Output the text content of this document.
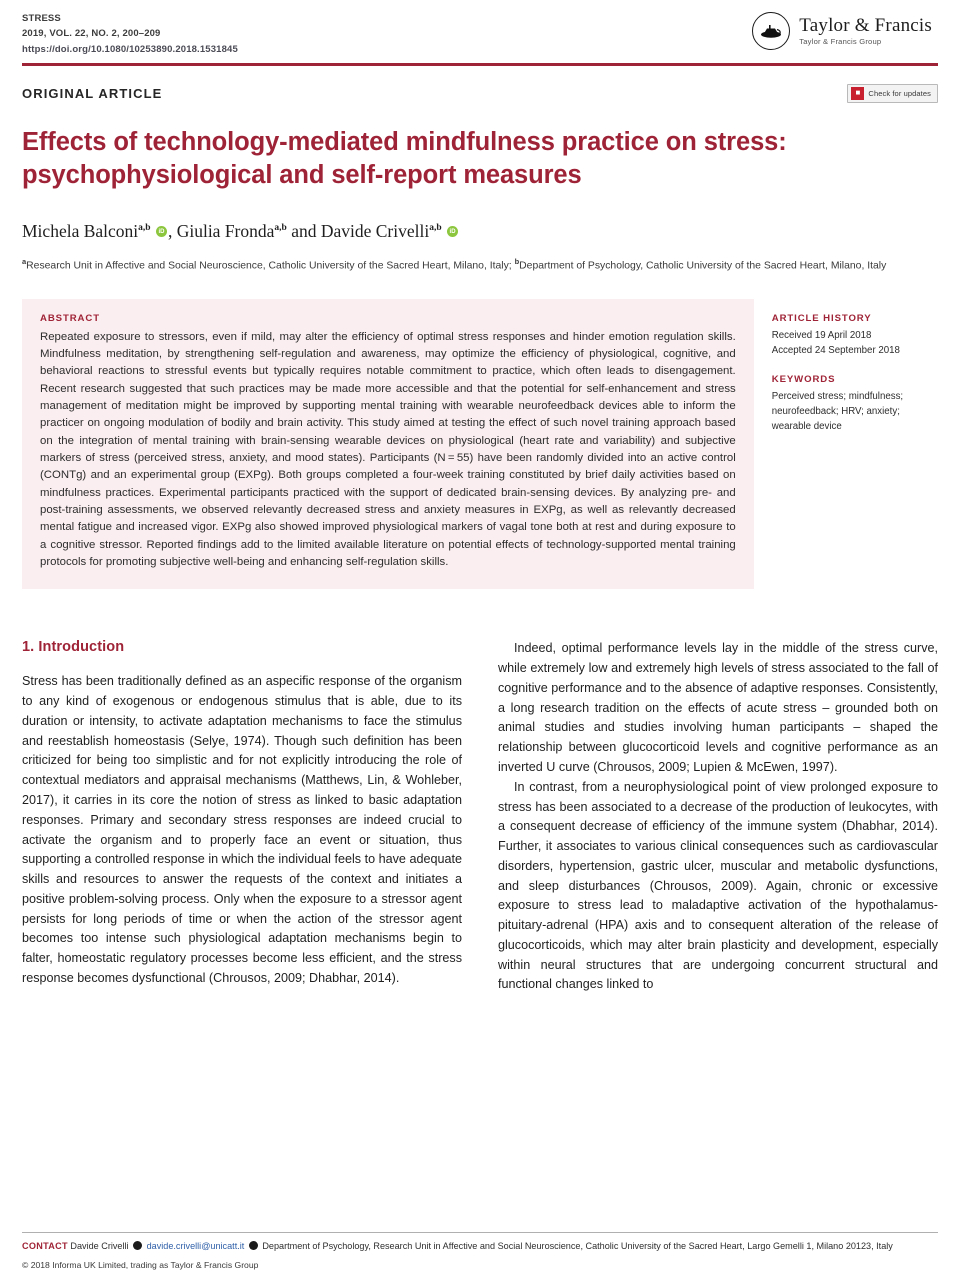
STRESS
2019, VOL. 22, NO. 2, 200–209
https://doi.org/10.1080/10253890.2018.1531845
Taylor & Francis
Taylor & Francis Group
ORIGINAL ARTICLE	■ Check for updates
Effects of technology-mediated mindfulness practice on stress: psychophysiological and self-report measures
Michela Balconi$^{a,b}$ iD , Giulia Fronda$^{a,b}$ and Davide Crivelli$^{a,b}$ iD
$^a$Research Unit in Affective and Social Neuroscience, Catholic University of the Sacred Heart, Milano, Italy; $^b$Department of Psychology, Catholic University of the Sacred Heart, Milano, Italy
ABSTRACT
Repeated exposure to stressors, even if mild, may alter the efficiency of optimal stress responses and hinder emotion regulation skills. Mindfulness meditation, by strengthening self-regulation and awareness, may optimize the efficiency of physiological, cognitive, and behavioral reactions to stressful events but typically requires notable commitment to practice, which often leads to disengagement. Recent research suggested that such practices may be made more accessible and that the potential for self-enhancement and stress management of meditation might be improved by supporting mental training with wearable neurofeedback devices able to inform the practicer on ongoing modulation of bodily and brain activity. This study aimed at testing the effect of such novel training approach based on the integration of mental training with brain-sensing wearable devices on physiological (heart rate and variability) and subjective markers of stress (perceived stress, anxiety, and mood states). Participants (N = 55) have been randomly divided into an active control (CONTg) and an experimental group (EXPg). Both groups completed a four-week training constituted by brief daily activities based on mindfulness practices. Experimental participants practiced with the support of dedicated brain-sensing devices. By analyzing pre- and post-training assessments, we observed relevantly decreased stress and anxiety measures in EXPg, as well as relevantly decreased mental fatigue and increased vigor. EXPg also showed improved physiological markers of vagal tone both at rest and during exposure to a cognitive stressor. Reported findings add to the limited available literature on potential effects of technology-supported mental training protocols for promoting subjective well-being and enhancing self-regulation skills.
ARTICLE HISTORY
Received 19 April 2018
Accepted 24 September 2018
KEYWORDS
Perceived stress; mindfulness; neurofeedback; HRV; anxiety; wearable device
1. Introduction

Stress has been traditionally defined as an aspecific response of the organism to any kind of exogenous or endogenous stimulus that is able, due to its duration or intensity, to activate adaptation mechanisms to face the stimulus and reestablish homeostasis (Selye, 1974). Though such definition has been criticized for being too simplistic and for not explicitly introducing the role of contextual mediators and appraisal mechanisms (Matthews, Lin, & Wohleber, 2017), it carries in its core the notion of stress as linked to basic adaptation responses. Primary and secondary stress responses are indeed crucial to activate the organism and to properly face an event or situation, thus supporting a controlled response in which the individual feels to have adequate skills and resources to answer the requests of the context and initiates a positive problem-solving process. Only when the exposure to a stressor agent persists for long periods of time or when the action of the stressor agent becomes too intense such physiological adaptation mechanisms begin to falter, homeostatic regulatory processes become less efficient, and the stress response becomes dysfunctional (Chrousos, 2009; Dhabhar, 2014).

Indeed, optimal performance levels lay in the middle of the stress curve, while extremely low and extremely high levels of stress associated to the fall of cognitive performance and to the absence of adaptive responses. Consistently, a long research tradition on the effects of acute stress – grounded both on animal studies and studies involving human participants – shaped the relationship between glucocorticoid levels and cognitive performance as an inverted U curve (Chrousos, 2009; Lupien & McEwen, 1997).

In contrast, from a neurophysiological point of view prolonged exposure to stress has been associated to a decrease of the production of leukocytes, with a consequent decrease of efficiency of the immune system (Dhabhar, 2014). Further, it associates to various clinical consequences such as cardiovascular disorders, hypertension, gastric ulcer, muscular and metabolic dysfunctions, and sleep disturbances (Chrousos, 2009). Again, chronic or excessive exposure to stress lead to maladaptive activation of the hypothalamus-pituitary-adrenal (HPA) axis and to consequent alteration of the release of glucocorticoids, which may alter brain plasticity and development, especially within neural structures that are undergoing concurrent structural and functional changes linked to

CONTACT Davide Crivelli davide.crivelli@unicatt.it Department of Psychology, Research Unit in Affective and Social Neuroscience, Catholic University of the Sacred Heart, Largo Gemelli 1, Milano 20123, Italy
© 2018 Informa UK Limited, trading as Taylor & Francis Group
